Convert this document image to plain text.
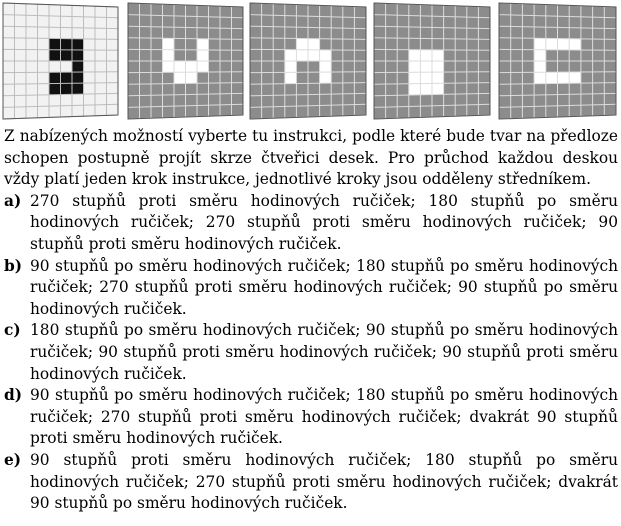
Z nabízených možností vyberte tu instrukci, podle které bude tvar na předloze schopen postupně projít skrze čtveřici desek. Pro průchod každou deskou vždy platí jeden krok instrukce, jednotlivé kroky jsou odděleny středníkem.

a) 270 stupňů proti směru hodinových ručiček; 180 stupňů po směru hodinových ručiček; 270 stupňů proti směru hodinových ručiček; 90 stupňů proti směru hodinových ručiček.
b) 90 stupňů po směru hodinových ručiček; 180 stupňů po směru hodinových ručiček; 270 stupňů proti směru hodinových ručiček; 90 stupňů po směru hodinových ručiček.
c) 180 stupňů po směru hodinových ručiček; 90 stupňů po směru hodinových ručiček; 90 stupňů proti směru hodinových ručiček; 90 stupňů proti směru hodinových ručiček.
d) 90 stupňů po směru hodinových ručiček; 180 stupňů po směru hodinových ručiček; 270 stupňů proti směru hodinových ručiček; dvakrát 90 stupňů proti směru hodinových ručiček.
e) 90 stupňů proti směru hodinových ručiček; 180 stupňů po směru hodinových ručiček; 270 stupňů proti směru hodinových ručiček; dvakrát 90 stupňů po směru hodinových ručiček.
